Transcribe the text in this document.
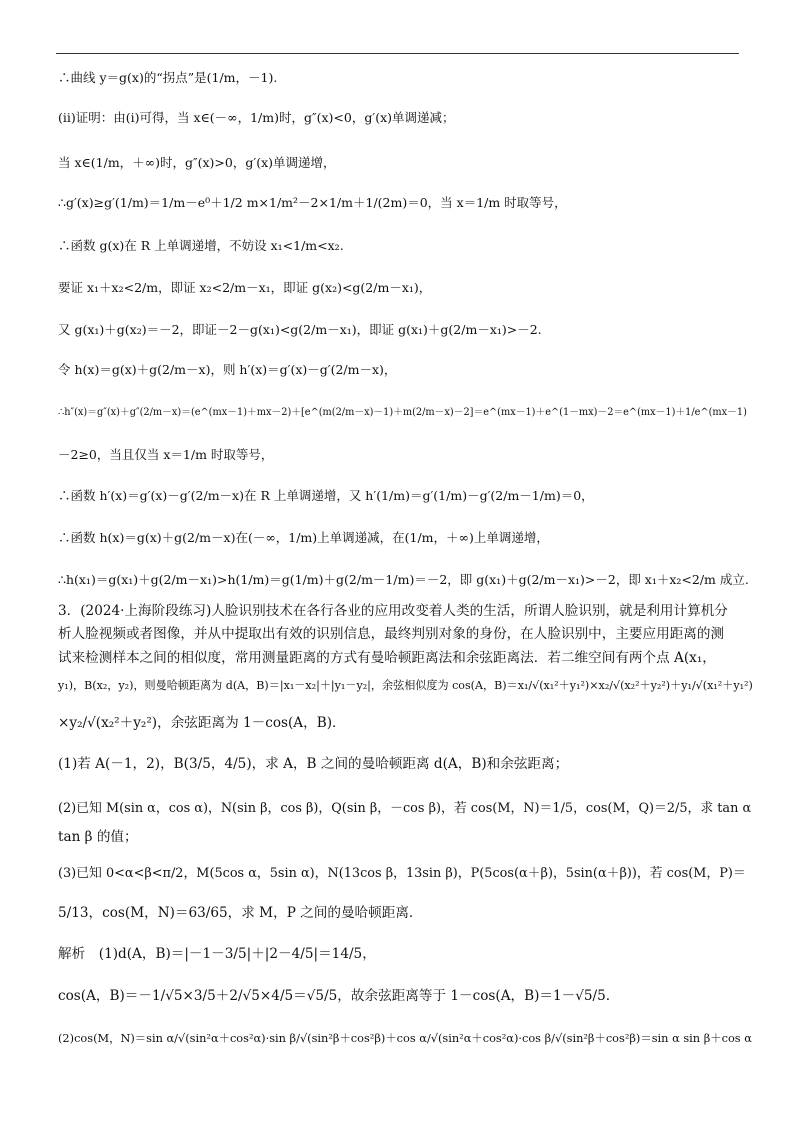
∴曲线 y＝g(x)的“拐点”是(1/m，－1).
(ⅱ)证明：由(ⅰ)可得，当 x∈(－∞，1/m)时，g″(x)<0，g′(x)单调递减；
当 x∈(1/m，＋∞)时，g″(x)>0，g′(x)单调递增，
∴g′(x)≥g′(1/m)＝1/m－e⁰＋1/2 m×1/m²－2×1/m＋1/(2m)＝0，当 x＝1/m 时取等号，
∴函数 g(x)在 R 上单调递增，不妨设 x₁<1/m<x₂.
要证 x₁＋x₂<2/m，即证 x₂<2/m－x₁，即证 g(x₂)<g(2/m－x₁)，
又 g(x₁)＋g(x₂)＝－2，即证－2－g(x₁)<g(2/m－x₁)，即证 g(x₁)＋g(2/m－x₁)>－2.
令 h(x)＝g(x)＋g(2/m－x)，则 h′(x)＝g′(x)－g′(2/m－x)，
∴h″(x)＝g″(x)＋g″(2/m－x)＝(e^(mx－1)＋mx－2)＋[e^(m(2/m－x)－1)＋m(2/m－x)－2]＝e^(mx－1)＋e^(1－mx)－2＝e^(mx－1)＋1/e^(mx－1)
－2≥0，当且仅当 x＝1/m 时取等号，
∴函数 h′(x)＝g′(x)－g′(2/m－x)在 R 上单调递增，又 h′(1/m)＝g′(1/m)－g′(2/m－1/m)＝0，
∴函数 h(x)＝g(x)＋g(2/m－x)在(－∞，1/m)上单调递减，在(1/m，＋∞)上单调递增，
∴h(x₁)＝g(x₁)＋g(2/m－x₁)>h(1/m)＝g(1/m)＋g(2/m－1/m)＝－2，即 g(x₁)＋g(2/m－x₁)>－2，即 x₁＋x₂<2/m 成立.
3．(2024·上海阶段练习)人脸识别技术在各行各业的应用改变着人类的生活，所谓人脸识别，就是利用计算机分
析人脸视频或者图像，并从中提取出有效的识别信息，最终判别对象的身份，在人脸识别中，主要应用距离的测
试来检测样本之间的相似度，常用测量距离的方式有曼哈顿距离法和余弦距离法．若二维空间有两个点 A(x₁，
y₁)，B(x₂，y₂)，则曼哈顿距离为 d(A，B)＝|x₁－x₂|＋|y₁－y₂|，余弦相似度为 cos(A，B)＝x₁/√(x₁²＋y₁²)×x₂/√(x₂²＋y₂²)＋y₁/√(x₁²＋y₁²)
×y₂/√(x₂²＋y₂²)，余弦距离为 1－cos(A，B)．
(1)若 A(－1，2)，B(3/5，4/5)，求 A，B 之间的曼哈顿距离 d(A，B)和余弦距离；
(2)已知 M(sin α，cos α)，N(sin β，cos β)，Q(sin β，－cos β)，若 cos(M，N)＝1/5，cos(M，Q)＝2/5，求 tan α
tan β 的值；
(3)已知 0<α<β<π/2，M(5cos α，5sin α)，N(13cos β，13sin β)，P(5cos(α＋β)，5sin(α＋β))，若 cos(M，P)＝
5/13，cos(M，N)＝63/65，求 M，P 之间的曼哈顿距离．
解析　(1)d(A，B)＝|－1－3/5|＋|2－4/5|＝14/5，
cos(A，B)＝－1/√5×3/5＋2/√5×4/5＝√5/5，故余弦距离等于 1－cos(A，B)＝1－√5/5.
(2)cos(M，N)＝sin α/√(sin²α＋cos²α)·sin β/√(sin²β＋cos²β)＋cos α/√(sin²α＋cos²α)·cos β/√(sin²β＋cos²β)＝sin α sin β＋cos α
